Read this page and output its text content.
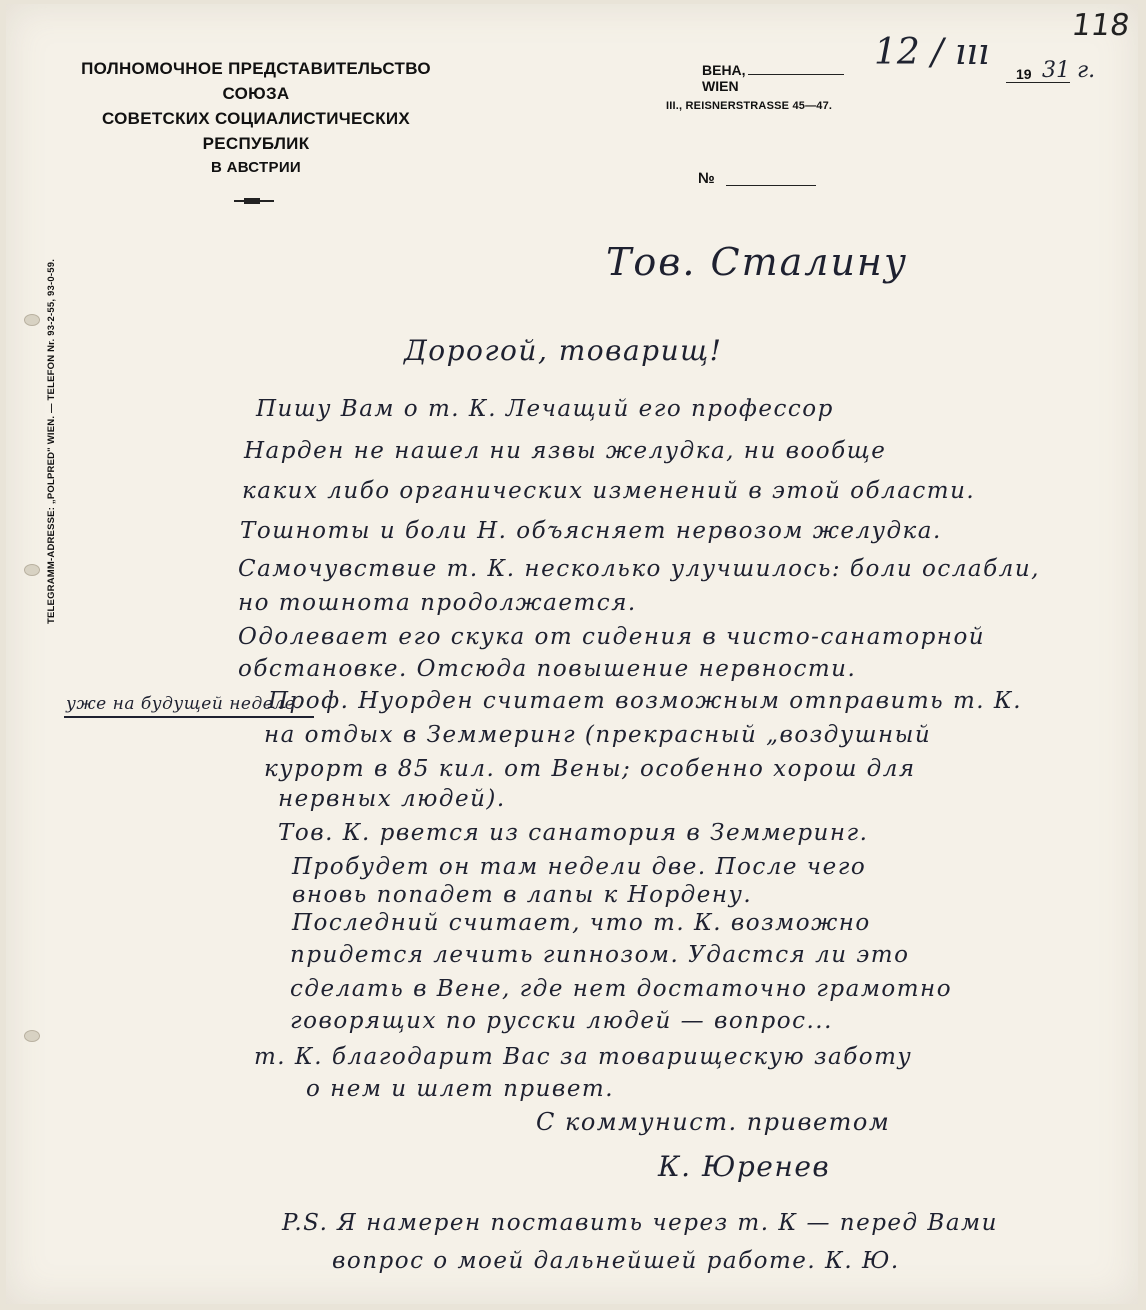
118
ПОЛНОМОЧНОЕ ПРЕДСТАВИТЕЛЬСТВО
СОЮЗА
СОВЕТСКИХ СОЦИАЛИСТИЧЕСКИХ
РЕСПУБЛИК
В АВСТРИИ
ВЕНА,
WIEN
III., REISNERSTRASSE 45—47.
12 / ııı
19 31 г.
№
TELEGRAMM-ADRESSE: „POLPRED" WIEN. — TELEFON Nr. 93-2-55, 93-0-59.	Тов. Сталину
Дорогой, товарищ!
Пишу Вам о т. К. Лечащий его профессор
Нарден не нашел ни язвы желудка, ни вообще
каких либо органических изменений в этой области.
Тошноты и боли Н. объясняет нервозом желудка.
Самочувствие т. К. несколько улучшилось: боли ослабли,
но тошнота продолжается.
Одолевает его скука от сидения в чисто-санаторной
обстановке. Отсюда повышение нервности.
уже на будущей неделе
Проф. Нуорден считает возможным отправить т. К.
на отдых в Земмеринг (прекрасный „воздушный
курорт в 85 кил. от Вены; особенно хорош для
нервных людей).
Тов. К. рвется из санатория в Земмеринг.
Пробудет он там недели две. После чего
вновь попадет в лапы к Нордену.
Последний считает, что т. К. возможно
придется лечить гипнозом. Удастся ли это
сделать в Вене, где нет достаточно грамотно
говорящих по русски людей — вопрос...
т. К. благодарит Вас за товарищескую заботу
о нем и шлет привет.
С коммунист. приветом
К. Юренев
P.S. Я намерен поставить через т. К — перед Вами
вопрос о моей дальнейшей работе. К. Ю.
